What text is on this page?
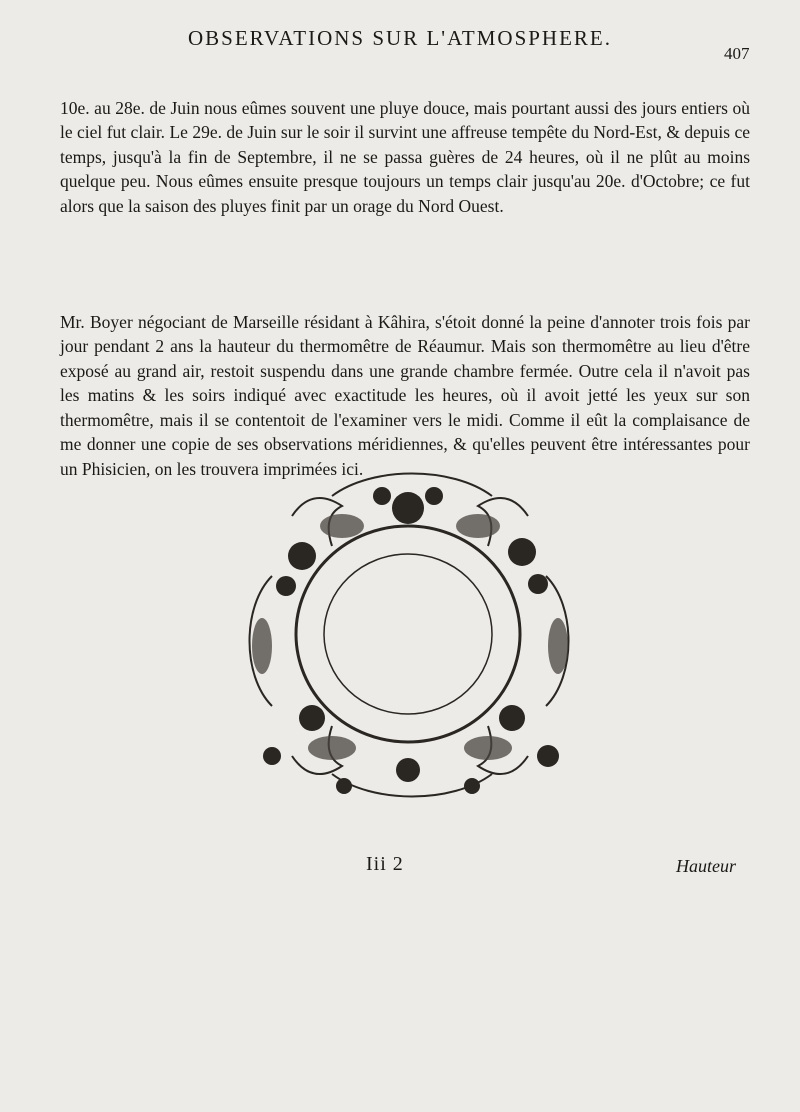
OBSERVATIONS SUR L'ATMOSPHERE.
407

10e. au 28e. de Juin nous eûmes souvent une pluye douce, mais pourtant aussi des jours entiers où le ciel fut clair. Le 29e. de Juin sur le soir il survint une affreuse tempête du Nord-Est, & depuis ce temps, jusqu'à la fin de Septembre, il ne se passa guères de 24 heures, où il ne plût au moins quelque peu. Nous eûmes ensuite presque toujours un temps clair jusqu'au 20e. d'Octobre; ce fut alors que la saison des pluyes finit par un orage du Nord Ouest.

Mr. Boyer négociant de Marseille résidant à Kâhira, s'étoit donné la peine d'annoter trois fois par jour pendant 2 ans la hauteur du thermomêtre de Réaumur. Mais son thermomêtre au lieu d'être exposé au grand air, restoit suspendu dans une grande chambre fermée. Outre cela il n'avoit pas les matins & les soirs indiqué avec exactitude les heures, où il avoit jetté les yeux sur son thermomêtre, mais il se contentoit de l'examiner vers le midi. Comme il eût la complaisance de me donner une copie de ses observations méridiennes, & qu'elles peuvent être intéressantes pour un Phisicien, on les trouvera imprimées ici.

Iii 2	Hauteur
